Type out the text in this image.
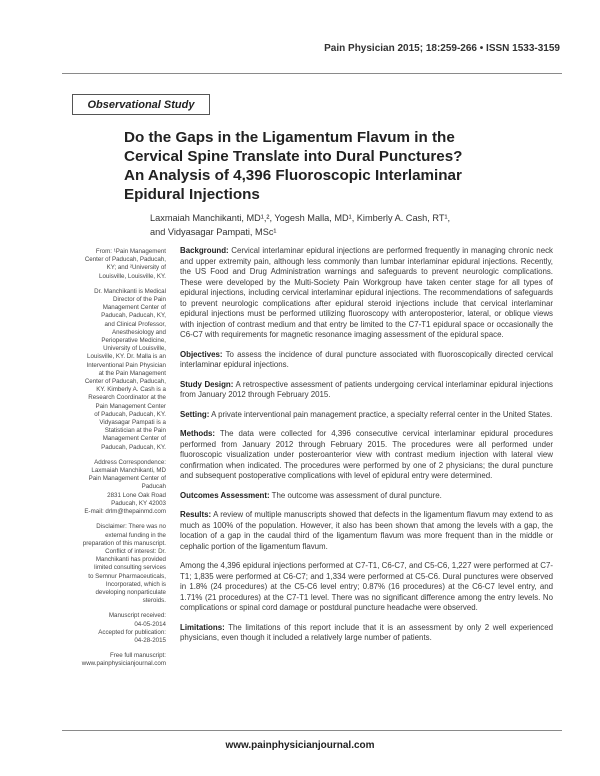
Pain Physician 2015; 18:259-266 • ISSN 1533-3159
Observational Study
Do the Gaps in the Ligamentum Flavum in the
Cervical Spine Translate into Dural Punctures?
An Analysis of 4,396 Fluoroscopic Interlaminar
Epidural Injections
Laxmaiah Manchikanti, MD¹,², Yogesh Malla, MD¹, Kimberly A. Cash, RT¹,
and Vidyasagar Pampati, MSc¹
From: ¹Pain Management
Center of Paducah, Paducah,
KY; and ²University of
Louisville, Louisville, KY.
Dr. Manchikanti is Medical
Director of the Pain
Management Center of
Paducah, Paducah, KY,
and Clinical Professor,
Anesthesiology and
Perioperative Medicine,
University of Louisville,
Louisville, KY. Dr. Malla is an
Interventional Pain Physician
at the Pain Management
Center of Paducah, Paducah,
KY. Kimberly A. Cash is a
Research Coordinator at the
Pain Management Center
of Paducah, Paducah, KY.
Vidyasagar Pampati is a
Statistician at the Pain
Management Center of
Paducah, Paducah, KY.
Address Correspondence:
Laxmaiah Manchikanti, MD
Pain Management Center of
Paducah
2831 Lone Oak Road
Paducah, KY 42003
E-mail: drlm@thepainmd.com
Disclaimer: There was no
external funding in the
preparation of this manuscript.
Conflict of interest: Dr.
Manchikanti has provided
limited consulting services
to Semnur Pharmaceuticals,
Incorporated, which is
developing nonparticulate
steroids.
Manuscript received:
04-05-2014
Accepted for publication:
04-28-2015
Free full manuscript:
www.painphysicianjournal.com

Background: Cervical interlaminar epidural injections are performed frequently in managing chronic neck and upper extremity pain, although less commonly than lumbar interlaminar epidural injections. Recently, the US Food and Drug Administration warnings and safeguards to prevent neurologic complications. These were developed by the Multi-Society Pain Workgroup have taken center stage for all types of epidural injections, including cervical interlaminar epidural injections. The recommendations of safeguards to prevent neurologic complications after epidural steroid injections include that cervical interlaminar epidural injections must be performed utilizing fluoroscopy with anteroposterior, lateral, or oblique views with injection of contrast medium and that entry be limited to the C7-T1 epidural space or occasionally the C6-C7 with requirements for magnetic resonance imaging assessment of the epidural space.

Objectives: To assess the incidence of dural puncture associated with fluoroscopically directed cervical interlaminar epidural injections.

Study Design: A retrospective assessment of patients undergoing cervical interlaminar epidural injections from January 2012 through February 2015.

Setting: A private interventional pain management practice, a specialty referral center in the United States.

Methods: The data were collected for 4,396 consecutive cervical interlaminar epidural procedures performed from January 2012 through February 2015. The procedures were all performed under fluoroscopic visualization under posteroanterior view with contrast medium injection with lateral view confirmation when indicated. The procedures were performed by one of 2 physicians; the dural puncture and subsequent postoperative complications with level of epidural entry were determined.

Outcomes Assessment: The outcome was assessment of dural puncture.

Results: A review of multiple manuscripts showed that defects in the ligamentum flavum may extend to as much as 100% of the population. However, it also has been shown that among the levels with a gap, the location of a gap in the caudal third of the ligamentum flavum was more frequent than in the middle or cephalic portion of the ligamentum flavum.

Among the 4,396 epidural injections performed at C7-T1, C6-C7, and C5-C6, 1,227 were performed at C7-T1; 1,835 were performed at C6-C7; and 1,334 were performed at C5-C6. Dural punctures were observed in 1.8% (24 procedures) at the C5-C6 level entry; 0.87% (16 procedures) at the C6-C7 level entry, and 1.71% (21 procedures) at the C7-T1 level. There was no significant difference among the entry levels. No complications or spinal cord damage or postdural puncture headache were observed.

Limitations: The limitations of this report include that it is an assessment by only 2 well experienced physicians, even though it included a relatively large number of patients.

www.painphysicianjournal.com
